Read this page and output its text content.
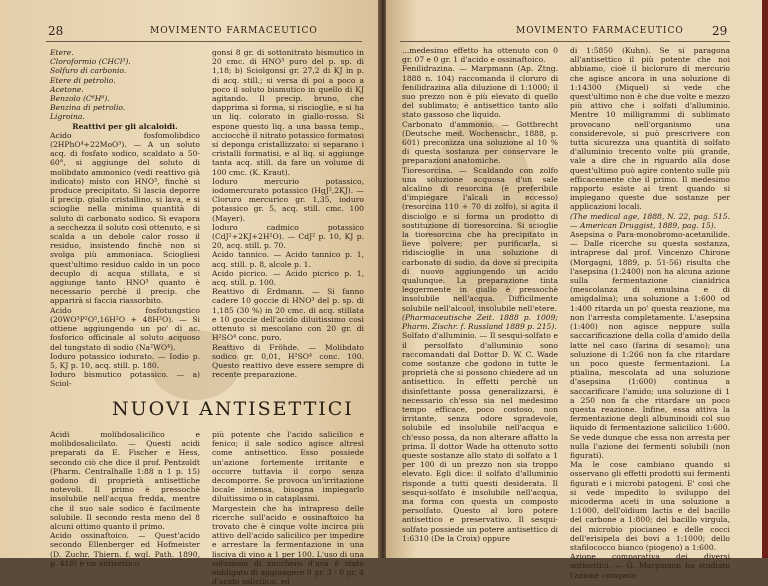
28	MOVIMENTO FARMACEUTICO

Etere.

Cloroformio (CHCl³).

Solfuro di carbonio.

Etere di petrolio.

Acetone.

Benzolo (C⁶H⁶).

Benzina di petrolio.

Ligroina.

Reattivi per gli alcaloidi.

Acido fosfomolibdico (2HPhO⁴+22MoO³). — A un soluto acq. di fosfato sodico, scaldato a 50-60°, si aggiunge del soluto di molibdato ammonico (vedi reattivo già indicato) misto con HNO³, finchè si produce precipitato. Si lascia deporre il precip. giallo cristallino, si lava, e si scioglie nella minima quantità di soluto di carbonato sodico. Si evapora a secchezza il soluto così ottenuto, e si scalda a un debole calor rosso il residuo, insistendo finchè non si svolga più ammoniaca. Sciogliesi quest'ultimo residuo caldo in un poco decuplo di acqua stillata, e si aggiunge tanto HNO³ quanto è necessario perchè il precip. che apparirà si faccia riassorbito.

Acido fosfotungstico (20WO³P²O⁵,16H²O + 48H²O). — Si ottiene aggiungendo un po' di ac. fosforico officinale al soluto acquoso del tungstato di sodio (Na²WO⁴).

Ioduro potassico iodurato. — Iodio p. 5, KJ p. 10, acq. still. p. 180.

Ioduro bismutico potassico. — a) Sciol-

gonsi 8 gr. di sottonitrato bismutico in 20 cmc. di HNO³ puro del p. sp. di 1,18; b) Sciolgonsi gr. 27,2 di KJ in p. di acq. still.; si versa di poi a poco a poco il soluto bismutico in quello di KJ agitando. Il precip. bruno, che dapprima si forma, si riscioglie, e si ha un liq. colorato in giallo-rosso. Si espone questo liq. a una bassa temp., acciocchè il nitrato potassico formatosi si deponga cristallizzato: si separano i cristalli formatisi, e al liq. si aggiunge tanta acq. still. da fare un volume di 100 cmc. (K. Kraut).

Ioduro mercurio potassico, iodomercurato potassico (HgJ²,2KJ). — Cloruro mercurico gr. 1,35, ioduro potassico gr. 5, acq. still. cmc. 100 (Mayer).

Ioduro cadmico potassico (CdJ²+2KJ+2H²O). — CdJ² p. 10, KJ p. 20, acq. still. p. 70.

Acido tannico. — Acido tannico p. 1, acq. still. p. 8, alcole p. 1.

Acido picrico. — Acido picrico p. 1, acq. still. p. 100.

Reattivo di Erdmann. — Si fanno cadere 10 goccie di HNO³ del p. sp. di 1,185 (30 %) in 20 cmc. di acq. stillata e 10 goccie dell'acido diluitissimo così ottenuto si mescolano con 20 gr. di H²SO⁴ conc. puro.

Reattivo di Fröhde. — Molibdato sodico gr. 0,01, H²SO⁴ conc. 100. Questo reattivo deve essere sempre di recente preparazione.

NUOVI ANTISETTICI

Acidi molibdosalicilico e molibdosalicilato. — Questi acidi preparati da E. Fischer e Hess, secondo ciò che dice il prof. Pentzoldt (Pharm. Centralhalle 1:88 n 1 p. 15) godono di proprietà antisettiche notevoli. Il primo è pressochè insolubile nell'acqua fredda, mentre che il suo sale sodico è facilmente solubile. Il secondo resta meno del 8 alcuni ottimo quanto il primo.

Acido ossinaftoico. — Quest'acido secondo Ellenberger ed Hofmeister (D. Zuchr. Thiern. f. wgl. Path. 1890, p. 418) è un antisettico

più potente che l'acido salicilico e fenico; il sale sodico agisce altresì come antisettico. Esso possiede un'azione fortemente irritante e occorre tuttavia il corpo senza decomporre. Se provoca un'irritazione locale intensa, bisogna impiegarlo diluitissimo o in cataplasmi.

Margestein che ha intrapreso delle ricerche sull'acido e ossinaftoico ha trovato che è cinque volte incirca più attivo dell'acido salicilico per impedire e arrestare la fermentazione in una lisciva di vino a 1 per 100. L'uso di una soluzione di zucchero d'uva è stato obbligato di aggiungere 0 gr. 3 - 0 gr. 4 d'acido salicilico, ed

MOVIMENTO FARMACEUTICO 29

...medesimo effetto ha ottenuto con 0 gr. 07 e 0 gr. 1 d'acido e ossinaftoico.

Fenilidrazina. — Marpmann (Ap. Ztng. 1888 n. 104) raccomanda il cloruro di fenilidrazina alla diluzione di 1:1000; il suo prezzo non è più elevato di quello del sublimato; è antisettico tanto allo stato gassoso che liquido.

Carbonato d'ammonio. — Gottbrecht (Deutsche med. Wochenschr., 1888, p. 601) preconizza una soluzione al 10 % di questa sostanza per conservare le preparazioni anatomiche.

Tioresorcina. — Scaldando con zolfo una soluzione acquosa d'un sale alcalino di resorcina (è preferibile d'impiegare l'alcali in eccesso) (resorcina 110 + 70 di zolfo), si agita il disciolgo e si forma un prodotto di sostituzione di tioresorcina. Si scioglie la tioresorcina che ha precipitato in lieve polvere; per purificarla, si ridiscioglie in una soluzione di carbonato di sodio, da dove si precipita di nuovo aggiungendo un acido qualunque. La preparazione tinta leggermente in giallo è pressochè insolubile nell'acqua. Difficilmente solubile nell'alcool, insolubile nell'etere.

(Pharmaceutische Zeit. 1888 p. 1009; Pharm. Zischr. f. Russland 1889 p. 215).

Solfato d'alluminio. — Il sesqui-solfato e il persolfato d'alluminio sono raccomandati dal Dottor D. W. C. Wade come sostanze che godono in tutte le proprietà che si possono chiedere ad un antisettico. In effetti perchè un disinfettante possa generalizzarsi, è necessario ch'esso sia nel medesimo tempo efficace, poco costoso, non irritante, senza odore sgradevole, solubile ed insolubile nell'acqua e ch'esso possa, da non alterare affatto la prima. Il dottor Wade ha ottenuto sotto queste sostanze allo stato di solfato a 1 per 100 di un prezzo non sia troppo elevato. Egli dice: il solfato d'alluminio risponde a tutti questi desiderata. Il sesqui-solfato è insolubile nell'acqua, ma forma con questa un composto persolfato. Questo al loro potere antisettico e preservativo. Il sesqui-solfato possiede un potere antisettico di 1:6310 (De la Croix) oppure

di 1:5850 (Kuhn). Se si paragona all'antisettico il più potente che noi abbiamo, cioè il bicloruro di mercurio che agisce ancora in una soluzione di 1:14300 (Miquel) si vede che quest'ultimo non è che due volte e mezzo più attivo che i solfati d'alluminio. Mentre 10 milligrammi di sublimato provocano nell'organismo una considerevole, si può prescrivere con tutta sicurezza una quantità di solfato d'alluminio trecento volte più grande, vale a dire che in riguardo alla dose quest'ultimo può agire contento sulle più efficacemente che il primo. Il medesimo rapporto esiste ai trent quando si impiegano queste due sostanze per applicazioni locali.

(The medical age, 1888, N. 22, pag. 515. — American Druggist, 1889, pag. 15).

Asepsina o Para-monobromo-acetanilide. — Dalle ricerche su questa sostanza, intraprese dal prof. Vincenzo Chirone (Morgagni, 1889, p. 51-56) risulta che l'asepsina (1:2400) non ha alcuna azione sulla fermentazione cianidrica (mescolanza di emulsina e di amigdalina); una soluzione a 1:600 od 1:400 ritarda un po' questa reazione, ma non l'arresta completamente. L'asepsina (1:400) non agisce neppure sulla saccarificazione della colla d'amido della latte nel caso (farina di sesamo); una soluzione di 1:266 non fa che ritardare un poco queste fermentazioni. La ptialina, mescolata ad una soluzione d'asepsina (1:600) continua a saccarificare l'amido; una soluzione di 1 a 250 non fa che ritardare un poco questa reazione. Infine, essa attiva la fermentazione degli albuminoidi col suo liquido di fermentazione salicilico 1:600. Se vede dunque che essa non arresta per nulla l'azione dei fermenti solubili (non figurati).

Ma le cose cambiano quando si osservano gli effetti prodotti sui fermenti figurati e i microbi patogeni. E' così che si vede impedito lo sviluppo del micoderma aceti in una soluzione a 1:1000, dell'oïdium lactis e del bacillo del carbone a 1:800; del bacillo virgula, del microbio piocianeo e delle cocci dell'erisipela dei bovi a 1:1000; dello stafilococco bianco (piogeno) a 1:600.

Azione comparativa dei diversi antisettici. — G. Marpmann ha studiato l'azione compara-
